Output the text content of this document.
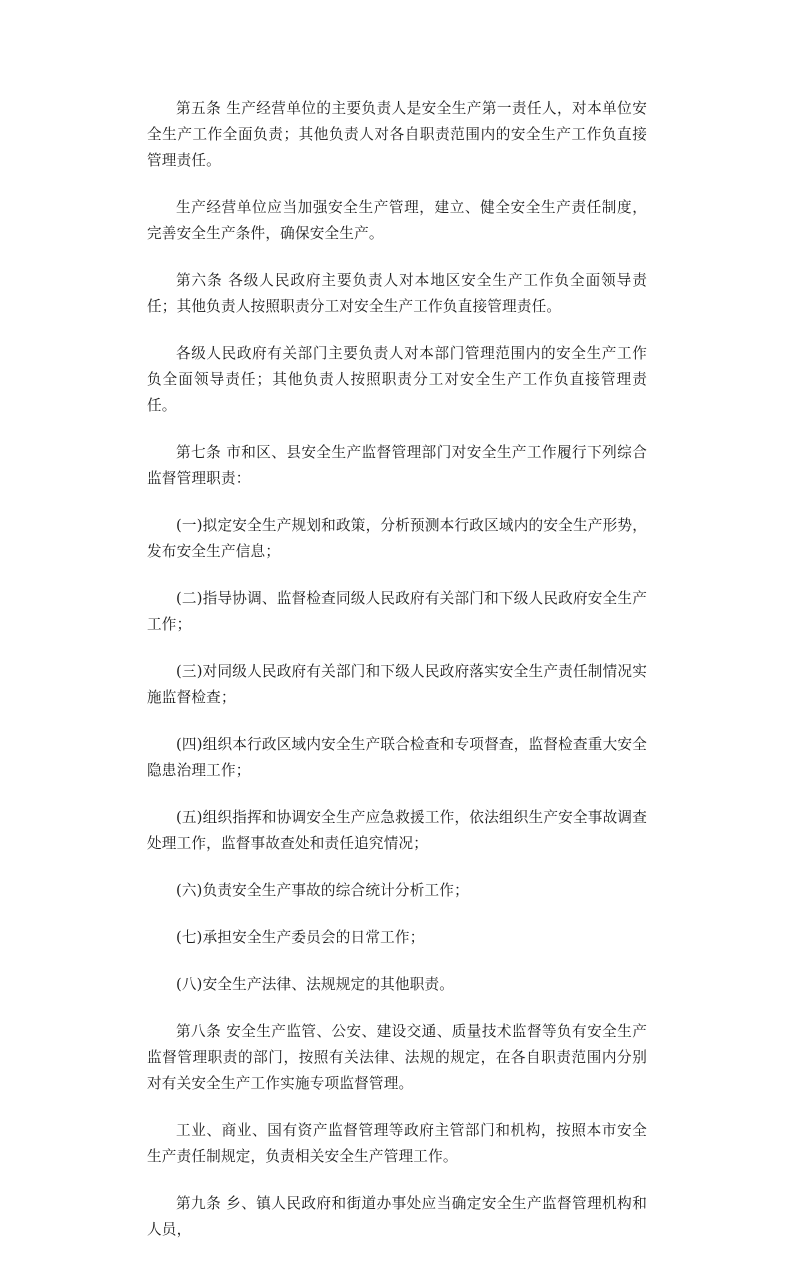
第五条 生产经营单位的主要负责人是安全生产第一责任人，对本单位安全生产工作全面负责；其他负责人对各自职责范围内的安全生产工作负直接管理责任。

生产经营单位应当加强安全生产管理，建立、健全安全生产责任制度，完善安全生产条件，确保安全生产。

第六条 各级人民政府主要负责人对本地区安全生产工作负全面领导责任；其他负责人按照职责分工对安全生产工作负直接管理责任。

各级人民政府有关部门主要负责人对本部门管理范围内的安全生产工作负全面领导责任；其他负责人按照职责分工对安全生产工作负直接管理责任。

第七条 市和区、县安全生产监督管理部门对安全生产工作履行下列综合监督管理职责：

(一)拟定安全生产规划和政策，分析预测本行政区域内的安全生产形势，发布安全生产信息；

(二)指导协调、监督检查同级人民政府有关部门和下级人民政府安全生产工作；

(三)对同级人民政府有关部门和下级人民政府落实安全生产责任制情况实施监督检查；

(四)组织本行政区域内安全生产联合检查和专项督查，监督检查重大安全隐患治理工作；

(五)组织指挥和协调安全生产应急救援工作，依法组织生产安全事故调查处理工作，监督事故查处和责任追究情况；

(六)负责安全生产事故的综合统计分析工作；

(七)承担安全生产委员会的日常工作；

(八)安全生产法律、法规规定的其他职责。

第八条 安全生产监管、公安、建设交通、质量技术监督等负有安全生产监督管理职责的部门，按照有关法律、法规的规定，在各自职责范围内分别对有关安全生产工作实施专项监督管理。

工业、商业、国有资产监督管理等政府主管部门和机构，按照本市安全生产责任制规定，负责相关安全生产管理工作。

第九条 乡、镇人民政府和街道办事处应当确定安全生产监督管理机构和人员，
